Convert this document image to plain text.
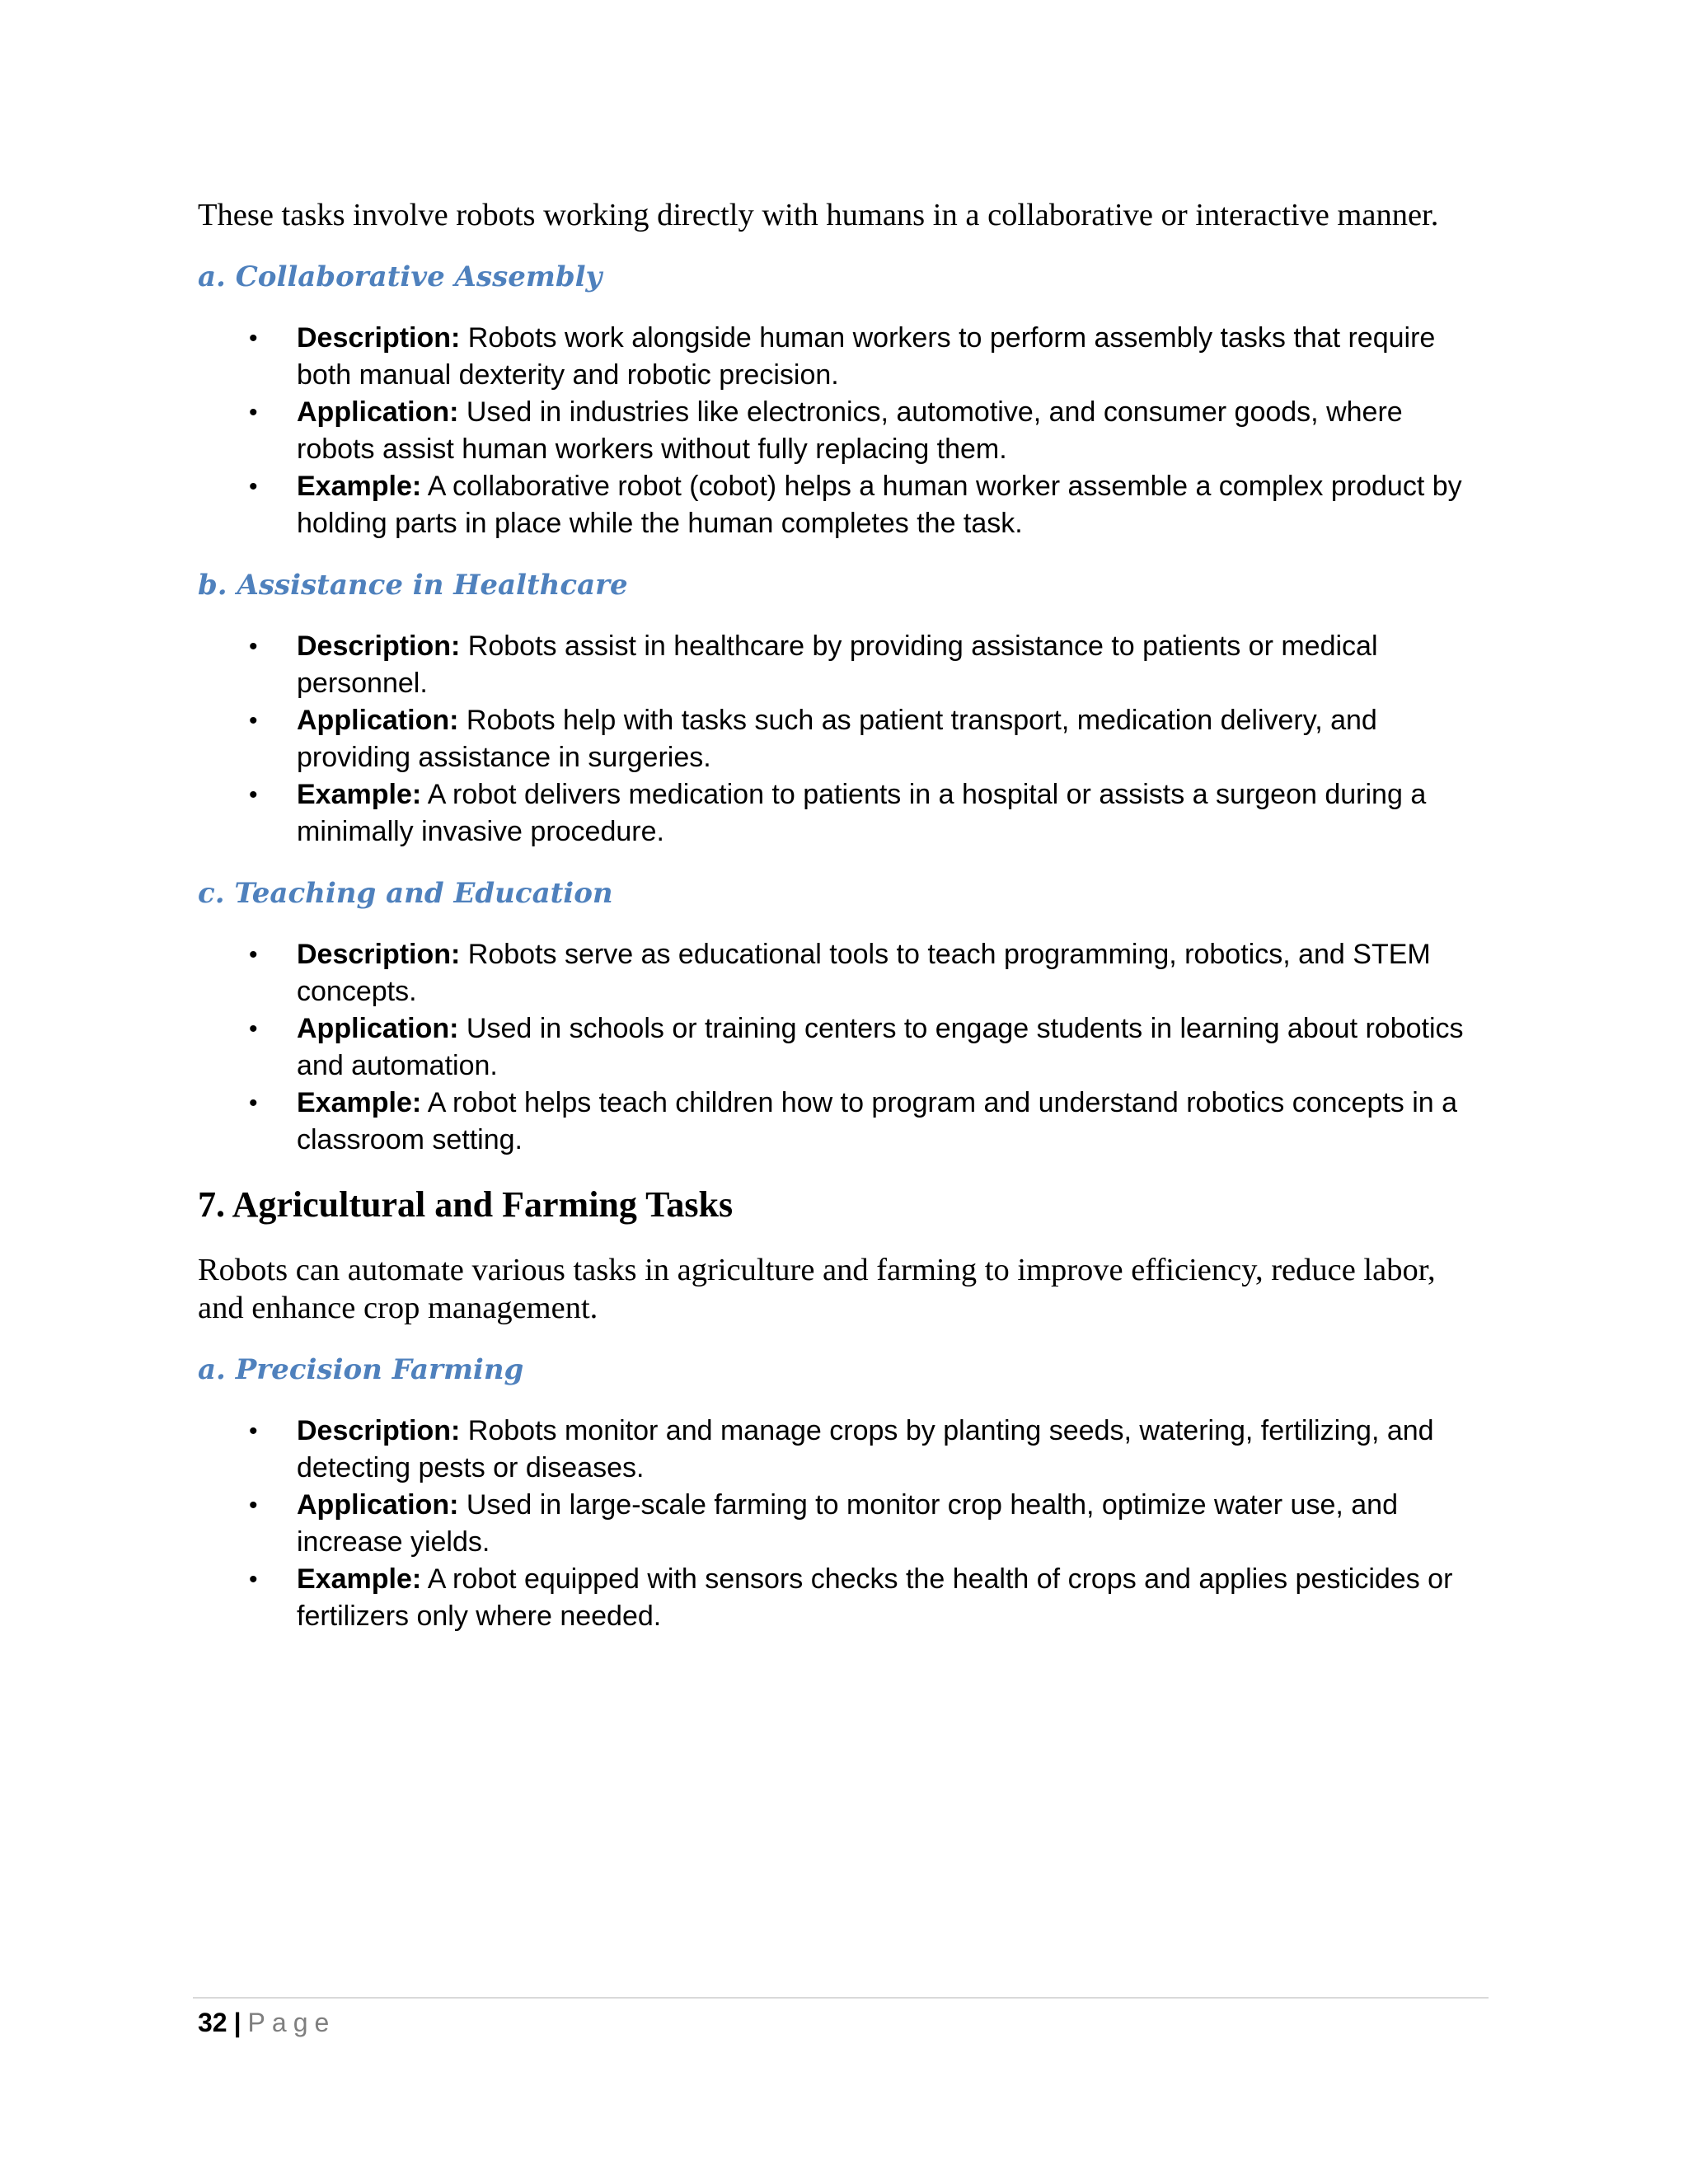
These tasks involve robots working directly with humans in a collaborative or interactive manner.

a. Collaborative Assembly
• Description: Robots work alongside human workers to perform assembly tasks that require both manual dexterity and robotic precision.
• Application: Used in industries like electronics, automotive, and consumer goods, where robots assist human workers without fully replacing them.
• Example: A collaborative robot (cobot) helps a human worker assemble a complex product by holding parts in place while the human completes the task.
b. Assistance in Healthcare
• Description: Robots assist in healthcare by providing assistance to patients or medical personnel.
• Application: Robots help with tasks such as patient transport, medication delivery, and providing assistance in surgeries.
• Example: A robot delivers medication to patients in a hospital or assists a surgeon during a minimally invasive procedure.
c. Teaching and Education
• Description: Robots serve as educational tools to teach programming, robotics, and STEM concepts.
• Application: Used in schools or training centers to engage students in learning about robotics and automation.
• Example: A robot helps teach children how to program and understand robotics concepts in a classroom setting.
7. Agricultural and Farming Tasks

Robots can automate various tasks in agriculture and farming to improve efficiency, reduce labor, and enhance crop management.

a. Precision Farming
• Description: Robots monitor and manage crops by planting seeds, watering, fertilizing, and detecting pests or diseases.
• Application: Used in large-scale farming to monitor crop health, optimize water use, and increase yields.
• Example: A robot equipped with sensors checks the health of crops and applies pesticides or fertilizers only where needed.
32 | Page
